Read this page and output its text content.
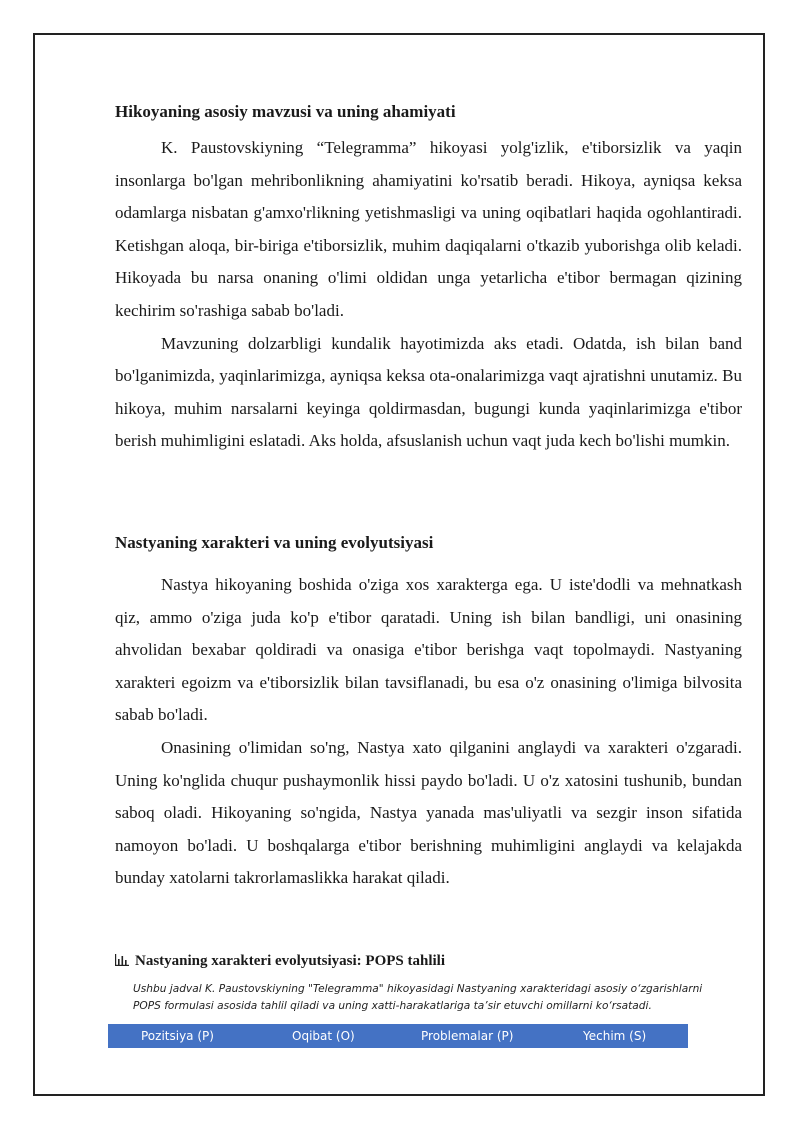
Hikoyaning asosiy mavzusi va uning ahamiyati

K. Paustovskiyning “Telegramma” hikoyasi yolg'izlik, e'tiborsizlik va yaqin insonlarga bo'lgan mehribonlikning ahamiyatini ko'rsatib beradi. Hikoya, ayniqsa keksa odamlarga nisbatan g'amxo'rlikning yetishmasligi va uning oqibatlari haqida ogohlantiradi. Ketishgan aloqa, bir-biriga e'tiborsizlik, muhim daqiqalarni o'tkazib yuborishga olib keladi. Hikoyada bu narsa onaning o'limi oldidan unga yetarlicha e'tibor bermagan qizining kechirim so'rashiga sabab bo'ladi.

Mavzuning dolzarbligi kundalik hayotimizda aks etadi. Odatda, ish bilan band bo'lganimizda, yaqinlarimizga, ayniqsa keksa ota-onalarimizga vaqt ajratishni unutamiz. Bu hikoya, muhim narsalarni keyinga qoldirmasdan, bugungi kunda yaqinlarimizga e'tibor berish muhimligini eslatadi. Aks holda, afsuslanish uchun vaqt juda kech bo'lishi mumkin.

Nastyaning xarakteri va uning evolyutsiyasi

Nastya hikoyaning boshida o'ziga xos xarakterga ega. U iste'dodli va mehnatkash qiz, ammo o'ziga juda ko'p e'tibor qaratadi. Uning ish bilan bandligi, uni onasining ahvolidan bexabar qoldiradi va onasiga e'tibor berishga vaqt topolmaydi. Nastyaning xarakteri egoizm va e'tiborsizlik bilan tavsiflanadi, bu esa o'z onasining o'limiga bilvosita sabab bo'ladi.

Onasining o'limidan so'ng, Nastya xato qilganini anglaydi va xarakteri o'zgaradi. Uning ko'nglida chuqur pushaymonlik hissi paydo bo'ladi. U o'z xatosini tushunib, bundan saboq oladi. Hikoyaning so'ngida, Nastya yanada mas'uliyatli va sezgir inson sifatida namoyon bo'ladi. U boshqalarga e'tibor berishning muhimligini anglaydi va kelajakda bunday xatolarni takrorlamaslikka harakat qiladi.

Nastyaning xarakteri evolyutsiyasi: POPS tahlili
Ushbu jadval K. Paustovskiyning "Telegramma" hikoyasidagi Nastyaning xarakteridagi asosiy o‘zgarishlarni POPS formulasi asosida tahlil qiladi va uning xatti-harakatlariga ta’sir etuvchi omillarni ko‘rsatadi.
Pozitsiya (P)	Oqibat (O)	Problemalar (P)	Yechim (S)
